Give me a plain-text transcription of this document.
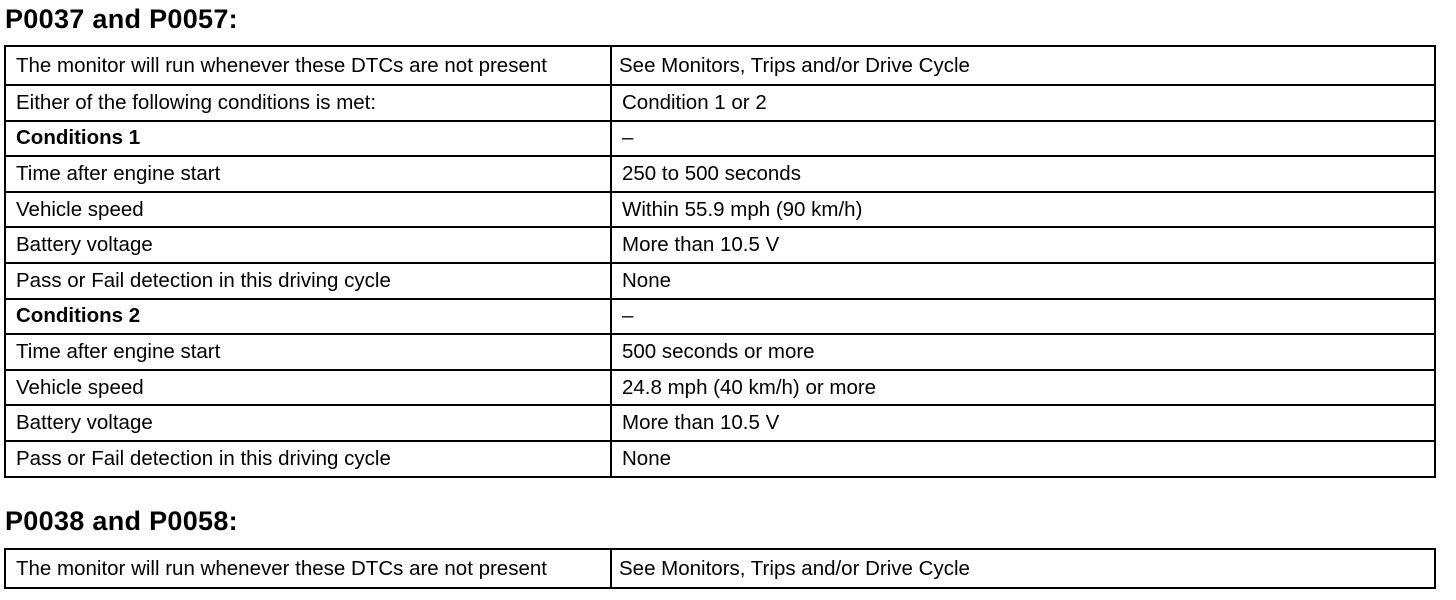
P0037 and P0057:
The monitor will run whenever these DTCs are not present	See Monitors, Trips and/or Drive Cycle
Either of the following conditions is met:	Condition 1 or 2
Conditions 1	–
Time after engine start	250 to 500 seconds
Vehicle speed	Within 55.9 mph (90 km/h)
Battery voltage	More than 10.5 V
Pass or Fail detection in this driving cycle	None
Conditions 2	–
Time after engine start	500 seconds or more
Vehicle speed	24.8 mph (40 km/h) or more
Battery voltage	More than 10.5 V
Pass or Fail detection in this driving cycle	None
P0038 and P0058:
The monitor will run whenever these DTCs are not present	See Monitors, Trips and/or Drive Cycle
